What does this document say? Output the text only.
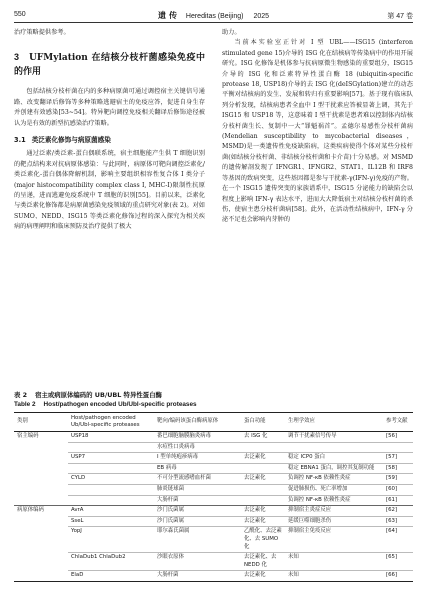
550	遗传 Hereditas (Beijing) 2025	第 47 卷

治疗策略提供参考。

3 UFMylation 在结核分枝杆菌感染免疫中的作用

包括结核分枝杆菌在内的多种病原菌可通过调控宿主关键信号通路、改变翻译后修饰等多种策略逃避宿主的免疫应答，促进自身生存并创建有效感染[53~54]。特异靶向调控免疫相关翻译后修饰途径被认为是有效的新型抗感染治疗策略。

3.1 类泛素化修饰与病原菌感染

通过泛素/类泛素-蛋白偶联系统，宿主细胞能产生供 T 细胞识别的靶点结构来对抗病原体感染：与此同时，病原体可靶向调控泛素化/类泛素化-蛋白偶体降解机制，影响主要组织相容性复合体 I 类分子(major histocompatibility complex class I, MHC-I)限制性抗原的呈递，进而逃避免疫系统中 T 细胞的识别[55]。目前以来，泛素化与类泛素化修饰都是病原菌感染免疫领域的重点研究对象(表 2)。对如 SUMO、NEDD、ISG15 等类泛素化修饰过程的深入探究为相关疾病的病理阐明和临床预防及治疗提供了极大

助力。

当前本实验室正针对 I 型 UBL——ISG15 (interferon stimulated gene 15)介导的 ISG 化在结核病等传染病中的作用开展研究。ISG 化修饰是机体参与抗病原微生物感染的重要组分，ISG15 介导的 ISG 化和泛素特异性蛋白酶 18 (ubiquitin-specific protease 18, USP18)介导的去 ISG 化(deISGylation)建立的动态平衡对结核病的发生、发展和转归有重要影响[57]。基于现有临床队列分析发现，结核病患者全血中 I 型干扰素应答被显著上调，其先于 ISG15 和 USP18 等，这意味着 I 型干扰素是患者难以控制体内结核分枝杆菌生长、复制中一大“罪魁祸首”。孟德尔易感性分枝杆菌病(Mendelian susceptibility to mycobacterial diseases，MSMD)是一类遗传性免疫缺陷病，这类疾病使得个体对某些分枝杆菌(如结核分枝杆菌、非结核分枝杆菌和卡介苗)十分易感。对 MSMD 的遗传解剖发现了 IFNGR1、IFNGR2、STAT1、IL12B 和 IRF8 等基因的致病突变，这些基因都是参与干扰素-γ(IFN-γ)免疫的产物。在一个 ISG15 遗传突变的家族谱系中，ISG15 分泌能力的缺陷会以程度上影响 IFN-γ 表达水平，进而大大降低宿主对结核分枝杆菌的杀伤，使宿主患分枝杆菌病[58]。此外，在活动性结核病中，IFN-γ 分泌不足也会影响内芽肿的

表 2 宿主或病原体编码的 UB/UBL 特异性蛋白酶
Table 2 Host/pathogen encoded Ub/Ubl-specific proteases
类别	Host/pathogen encoded Ub/Ubl-specific proteases	靶向/编码该蛋白酶病原体	蛋白功能	生理学效应	参考文献
宿主编码	USP18	番巴细胞脑膜脑炎病毒	去 ISG 化	调节干扰素信号传导	[56]
		水痘性口炎病毒			
	USP7	I 型单纯疱疹病毒	去泛素化	稳定 ICP0 蛋白	[57]
		EB 病毒		稳定 EBNA1 蛋白，调控其复制功能	[58]
	CYLD	不可分型流感嗜血杆菌	去泛素化	负调控 NF-κB 依赖性炎症	[59]
		肺炎链球菌		促进肺损伤、死亡率增加	[60]
		大肠杆菌		负调控 NF-κB 依赖性炎症	[61]
病原体编码	AvrA	沙门氏菌属	去泛素化	抑制宿主炎症反应	[62]
	SseL	沙门氏菌属	去泛素化	延缓巨噬细胞杀伤	[63]
	YopJ	耶尔森氏菌属	乙酰化、去泛素化、去 SUMO 化	抑制宿主免疫反应	[64]
	ChlaDub1 ChlaDub2	沙眼衣原体	去泛素化、去 NEDD 化	未知	[65]
	ElaD	大肠杆菌	去泛素化	未知	[66]
